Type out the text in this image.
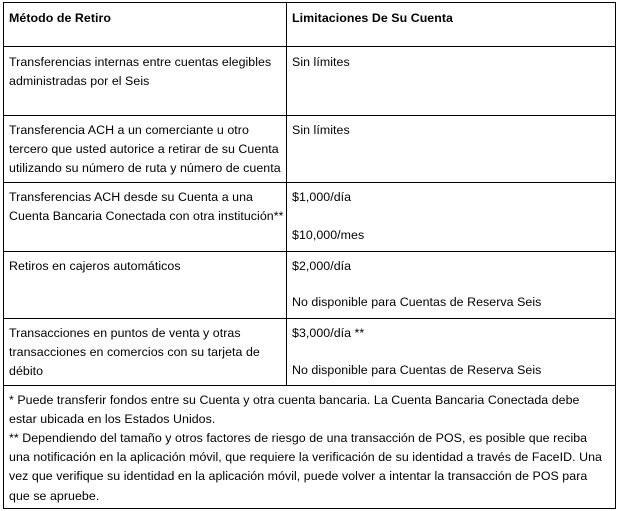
Método de Retiro	Limitaciones De Su Cuenta
Transferencias internas entre cuentas elegibles administradas por el Seis
Sin límites
Transferencia ACH a un comerciante u otro tercero que usted autorice a retirar de su Cuenta utilizando su número de ruta y número de cuenta
Sin límites
Transferencias ACH desde su Cuenta a una Cuenta Bancaria Conectada con otra institución**
$1,000/día
$10,000/mes
Retiros en cajeros automáticos	$2,000/día
No disponible para Cuentas de Reserva Seis
Transacciones en puntos de venta y otras transacciones en comercios con su tarjeta de débito
$3,000/día **
No disponible para Cuentas de Reserva Seis
* Puede transferir fondos entre su Cuenta y otra cuenta bancaria. La Cuenta Bancaria Conectada debe estar ubicada en los Estados Unidos.
** Dependiendo del tamaño y otros factores de riesgo de una transacción de POS, es posible que reciba una notificación en la aplicación móvil, que requiere la verificación de su identidad a través de FaceID. Una vez que verifique su identidad en la aplicación móvil, puede volver a intentar la transacción de POS para que se apruebe.
